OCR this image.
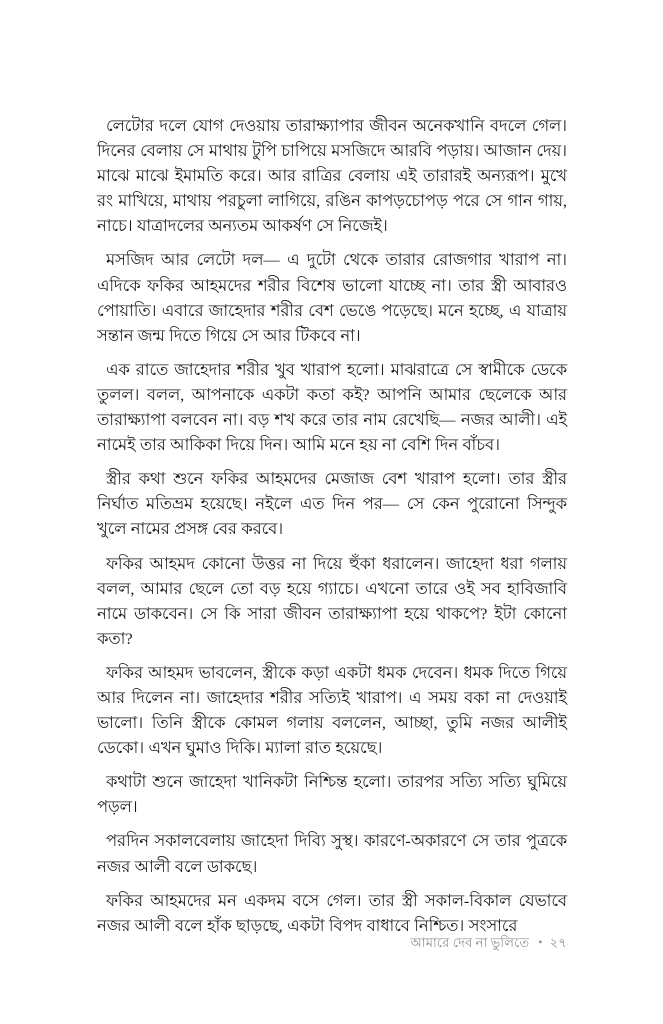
লেটোর দলে যোগ দেওয়ায় তারাক্ষ্যাপার জীবন অনেকখানি বদলে গেল। দিনের বেলায় সে মাথায় টুপি চাপিয়ে মসজিদে আরবি পড়ায়। আজান দেয়। মাঝে মাঝে ইমামতি করে। আর রাত্রির বেলায় এই তারারই অন্যরূপ। মুখে রং মাখিয়ে, মাথায় পরচুলা লাগিয়ে, রঙিন কাপড়চোপড় পরে সে গান গায়, নাচে। যাত্রাদলের অন্যতম আকর্ষণ সে নিজেই।

মসজিদ আর লেটো দল— এ দুটো থেকে তারার রোজগার খারাপ না। এদিকে ফকির আহমদের শরীর বিশেষ ভালো যাচ্ছে না। তার স্ত্রী আবারও পোয়াতি। এবারে জাহেদার শরীর বেশ ভেঙে পড়েছে। মনে হচ্ছে, এ যাত্রায় সন্তান জন্ম দিতে গিয়ে সে আর টিকবে না।

এক রাতে জাহেদার শরীর খুব খারাপ হলো। মাঝরাত্রে সে স্বামীকে ডেকে তুলল। বলল, আপনাকে একটা কতা কই? আপনি আমার ছেলেকে আর তারাক্ষ্যাপা বলবেন না। বড় শখ করে তার নাম রেখেছি— নজর আলী। এই নামেই তার আকিকা দিয়ে দিন। আমি মনে হয় না বেশি দিন বাঁচব।

স্ত্রীর কথা শুনে ফকির আহমদের মেজাজ বেশ খারাপ হলো। তার স্ত্রীর নির্ঘাত মতিভ্রম হয়েছে। নইলে এত দিন পর— সে কেন পুরোনো সিন্দুক খুলে নামের প্রসঙ্গ বের করবে।

ফকির আহমদ কোনো উত্তর না দিয়ে হুঁকা ধরালেন। জাহেদা ধরা গলায় বলল, আমার ছেলে তো বড় হয়ে গ্যাচে। এখনো তারে ওই সব হাবিজাবি নামে ডাকবেন। সে কি সারা জীবন তারাক্ষ্যাপা হয়ে থাকপে? ইটা কোনো কতা?

ফকির আহমদ ভাবলেন, স্ত্রীকে কড়া একটা ধমক দেবেন। ধমক দিতে গিয়ে আর দিলেন না। জাহেদার শরীর সত্যিই খারাপ। এ সময় বকা না দেওয়াই ভালো। তিনি স্ত্রীকে কোমল গলায় বললেন, আচ্ছা, তুমি নজর আলীই ডেকো। এখন ঘুমাও দিকি। ম্যালা রাত হয়েছে।

কথাটা শুনে জাহেদা খানিকটা নিশ্চিন্ত হলো। তারপর সত্যি সত্যি ঘুমিয়ে পড়ল।

পরদিন সকালবেলায় জাহেদা দিব্যি সুস্থ। কারণে-অকারণে সে তার পুত্রকে নজর আলী বলে ডাকছে।

ফকির আহমদের মন একদম বসে গেল। তার স্ত্রী সকাল-বিকাল যেভাবে নজর আলী বলে হাঁক ছাড়ছে, একটা বিপদ বাধাবে নিশ্চিত। সংসারে

আমারে দেব না ভুলিতে • ২৭
